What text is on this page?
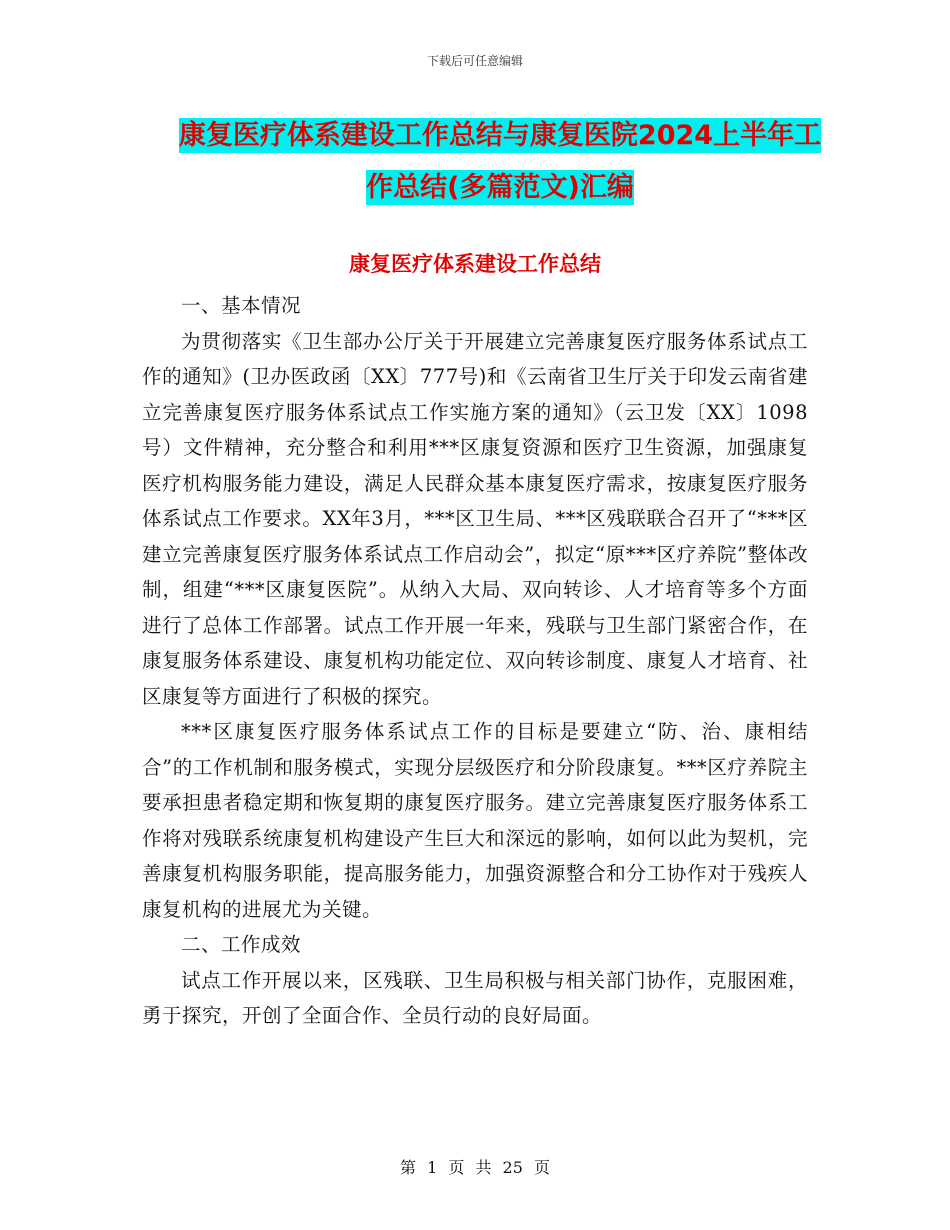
下载后可任意编辑
康复医疗体系建设工作总结与康复医院2024上半年工
作总结(多篇范文)汇编
康复医疗体系建设工作总结

一、基本情况

为贯彻落实《卫生部办公厅关于开展建立完善康复医疗服务体系试点工作的通知》(卫办医政函〔XX〕777号)和《云南省卫生厅关于印发云南省建立完善康复医疗服务体系试点工作实施方案的通知》（云卫发〔XX〕1098号）文件精神，充分整合和利用***区康复资源和医疗卫生资源，加强康复医疗机构服务能力建设，满足人民群众基本康复医疗需求，按康复医疗服务体系试点工作要求。XX年3月，***区卫生局、***区残联联合召开了“***区建立完善康复医疗服务体系试点工作启动会”，拟定“原***区疗养院”整体改制，组建“***区康复医院”。从纳入大局、双向转诊、人才培育等多个方面进行了总体工作部署。试点工作开展一年来，残联与卫生部门紧密合作，在康复服务体系建设、康复机构功能定位、双向转诊制度、康复人才培育、社区康复等方面进行了积极的探究。

***区康复医疗服务体系试点工作的目标是要建立“防、治、康相结合”的工作机制和服务模式，实现分层级医疗和分阶段康复。***区疗养院主要承担患者稳定期和恢复期的康复医疗服务。建立完善康复医疗服务体系工作将对残联系统康复机构建设产生巨大和深远的影响，如何以此为契机，完善康复机构服务职能，提高服务能力，加强资源整合和分工协作对于残疾人康复机构的进展尤为关键。

二、工作成效

试点工作开展以来，区残联、卫生局积极与相关部门协作，克服困难，勇于探究，开创了全面合作、全员行动的良好局面。

第 1 页 共 25 页
